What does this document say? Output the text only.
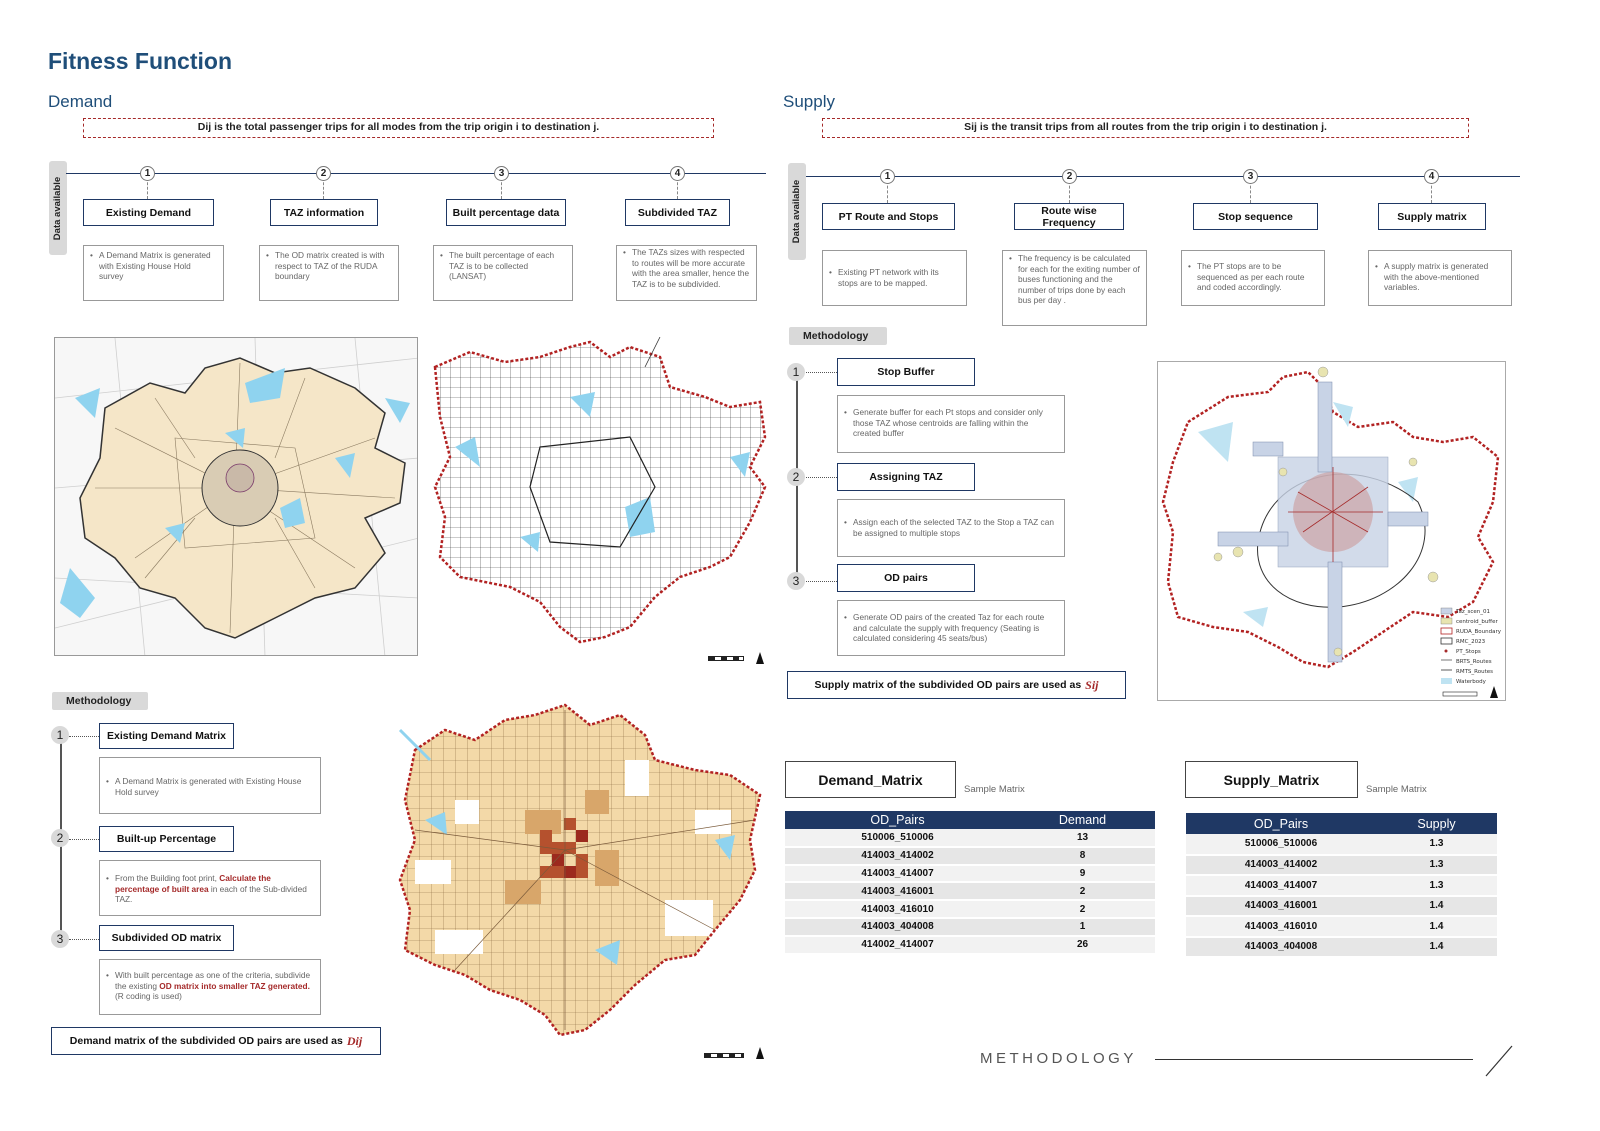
Fitness Function
Demand
Dij is the total passenger trips for all modes from the trip origin i to destination j.
Data available
1	2	3	4
Existing Demand	TAZ information	Built percentage data	Subdivided TAZ
• A Demand Matrix is generated with Existing House Hold survey
• The OD matrix created is with respect to TAZ of the RUDA boundary
• The built percentage of each TAZ is to be collected (LANSAT)
• The TAZs sizes with respected to routes will be more accurate with the area smaller, hence the TAZ is to be subdivided.
Methodology
1
2
3
Existing Demand Matrix
Built-up Percentage
Subdivided OD matrix
• A Demand Matrix is generated with Existing House Hold survey
• From the Building foot print, Calculate the percentage of built area in each of the Sub-divided TAZ.
• With built percentage as one of the criteria, subdivide the existing OD matrix into smaller TAZ generated.(R coding is used)
Demand matrix of the subdivided OD pairs are used as Dij
Supply
Sij is the transit trips from all routes from the trip origin i to destination j.
Data available
1	2	3	4
PT Route and Stops	Route wise Frequency	Stop sequence	Supply matrix
• Existing PT network with its stops are to be mapped.
• The frequency is be calculated for each for the exiting number of buses functioning and the number of trips done by each bus per day .
• The PT stops are to be sequenced as per each route and coded accordingly.
• A supply matrix is generated with the above-mentioned variables.
Methodology
1
2
3
Stop Buffer
Assigning TAZ
OD pairs
• Generate buffer for each Pt stops and consider only those TAZ whose centroids are falling within the created buffer
• Assign each of the selected TAZ to the Stop a TAZ can be assigned to multiple stops
• Generate OD pairs of the created Taz for each route and calculate the supply with frequency (Seating is calculated considering 45 seats/bus)
Supply matrix of the subdivided OD pairs are used as Sij
Taz_scen_01
centroid_buffer
RUDA_Boundary
RMC_2023
PT_Stops
BRTS_Routes
RMTS_Routes
Waterbody
Demand_Matrix
Sample Matrix
OD_Pairs	Demand
510006_510006	13
414003_414002	8
414003_414007	9
414003_416001	2
414003_416010	2
414003_404008	1
414002_414007	26
Supply_Matrix
Sample Matrix
OD_Pairs	Supply
510006_510006	1.3
414003_414002	1.3
414003_414007	1.3
414003_416001	1.4
414003_416010	1.4
414003_404008	1.4
METHODOLOGY
